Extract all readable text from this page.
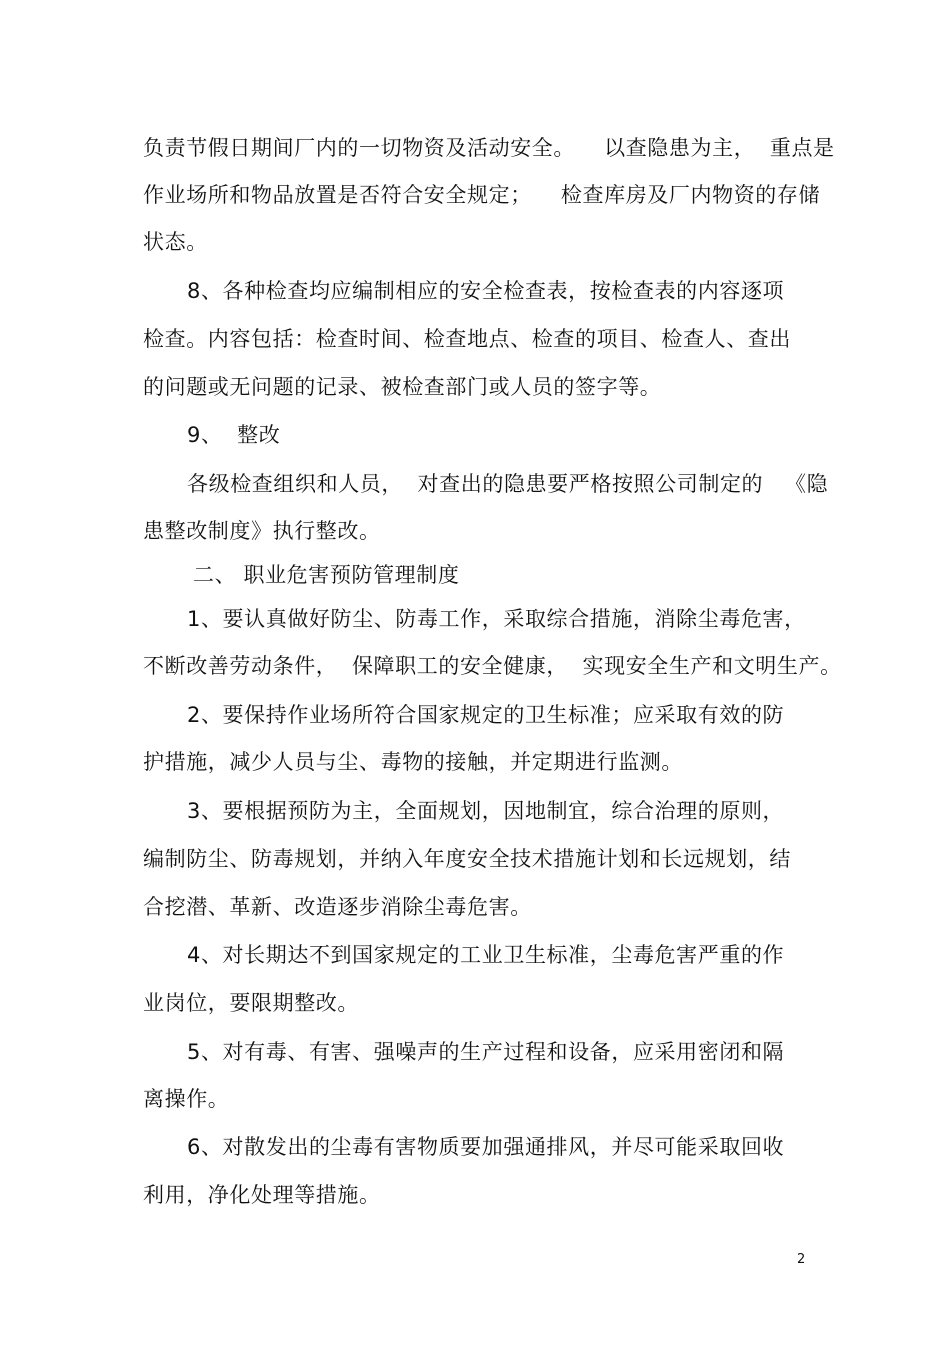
负责节假日期间厂内的一切物资及活动安全。    以查隐患为主，  重点是
作业场所和物品放置是否符合安全规定；    检查库房及厂内物资的存储
状态。
8、各种检查均应编制相应的安全检查表，按检查表的内容逐项
检查。内容包括：检查时间、检查地点、检查的项目、检查人、查出
的问题或无问题的记录、被检查部门或人员的签字等。
9、  整改
各级检查组织和人员，  对查出的隐患要严格按照公司制定的   《隐
患整改制度》执行整改。
二、 职业危害预防管理制度
1、要认真做好防尘、防毒工作，采取综合措施，消除尘毒危害，
不断改善劳动条件，  保障职工的安全健康，  实现安全生产和文明生产。
2、要保持作业场所符合国家规定的卫生标准；应采取有效的防
护措施，减少人员与尘、毒物的接触，并定期进行监测。
3、要根据预防为主，全面规划，因地制宜，综合治理的原则，
编制防尘、防毒规划，并纳入年度安全技术措施计划和长远规划，结
合挖潜、革新、改造逐步消除尘毒危害。
4、对长期达不到国家规定的工业卫生标准，尘毒危害严重的作
业岗位，要限期整改。
5、对有毒、有害、强噪声的生产过程和设备，应采用密闭和隔
离操作。
6、对散发出的尘毒有害物质要加强通排风，并尽可能采取回收
利用，净化处理等措施。
2
